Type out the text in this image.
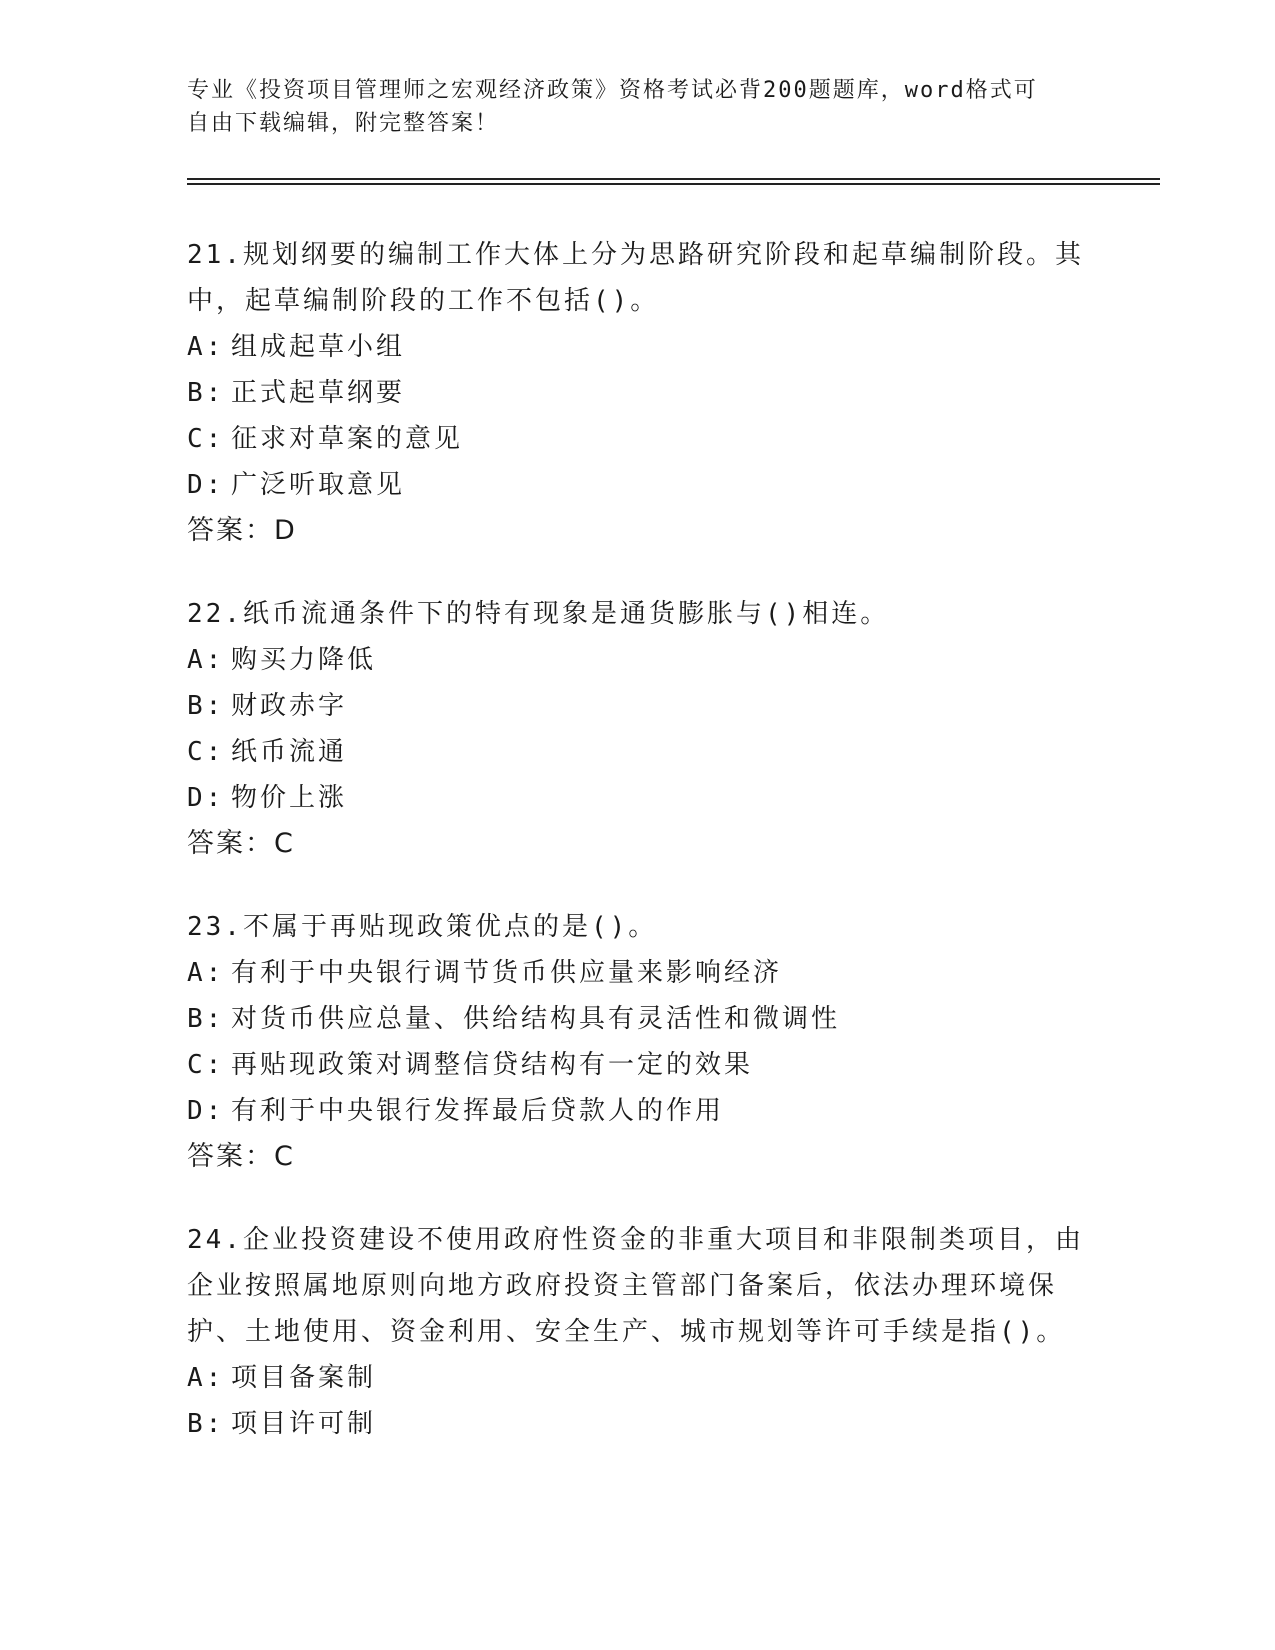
专业《投资项目管理师之宏观经济政策》资格考试必背200题题库，word格式可
自由下载编辑，附完整答案！
21.规划纲要的编制工作大体上分为思路研究阶段和起草编制阶段。其
中，起草编制阶段的工作不包括()。
A: 组成起草小组
B: 正式起草纲要
C: 征求对草案的意见
D: 广泛听取意见
答案：D
22.纸币流通条件下的特有现象是通货膨胀与()相连。
A: 购买力降低
B: 财政赤字
C: 纸币流通
D: 物价上涨
答案：C
23.不属于再贴现政策优点的是()。
A: 有利于中央银行调节货币供应量来影响经济
B: 对货币供应总量、供给结构具有灵活性和微调性
C: 再贴现政策对调整信贷结构有一定的效果
D: 有利于中央银行发挥最后贷款人的作用
答案：C
24.企业投资建设不使用政府性资金的非重大项目和非限制类项目，由
企业按照属地原则向地方政府投资主管部门备案后，依法办理环境保
护、土地使用、资金利用、安全生产、城市规划等许可手续是指()。
A: 项目备案制
B: 项目许可制
